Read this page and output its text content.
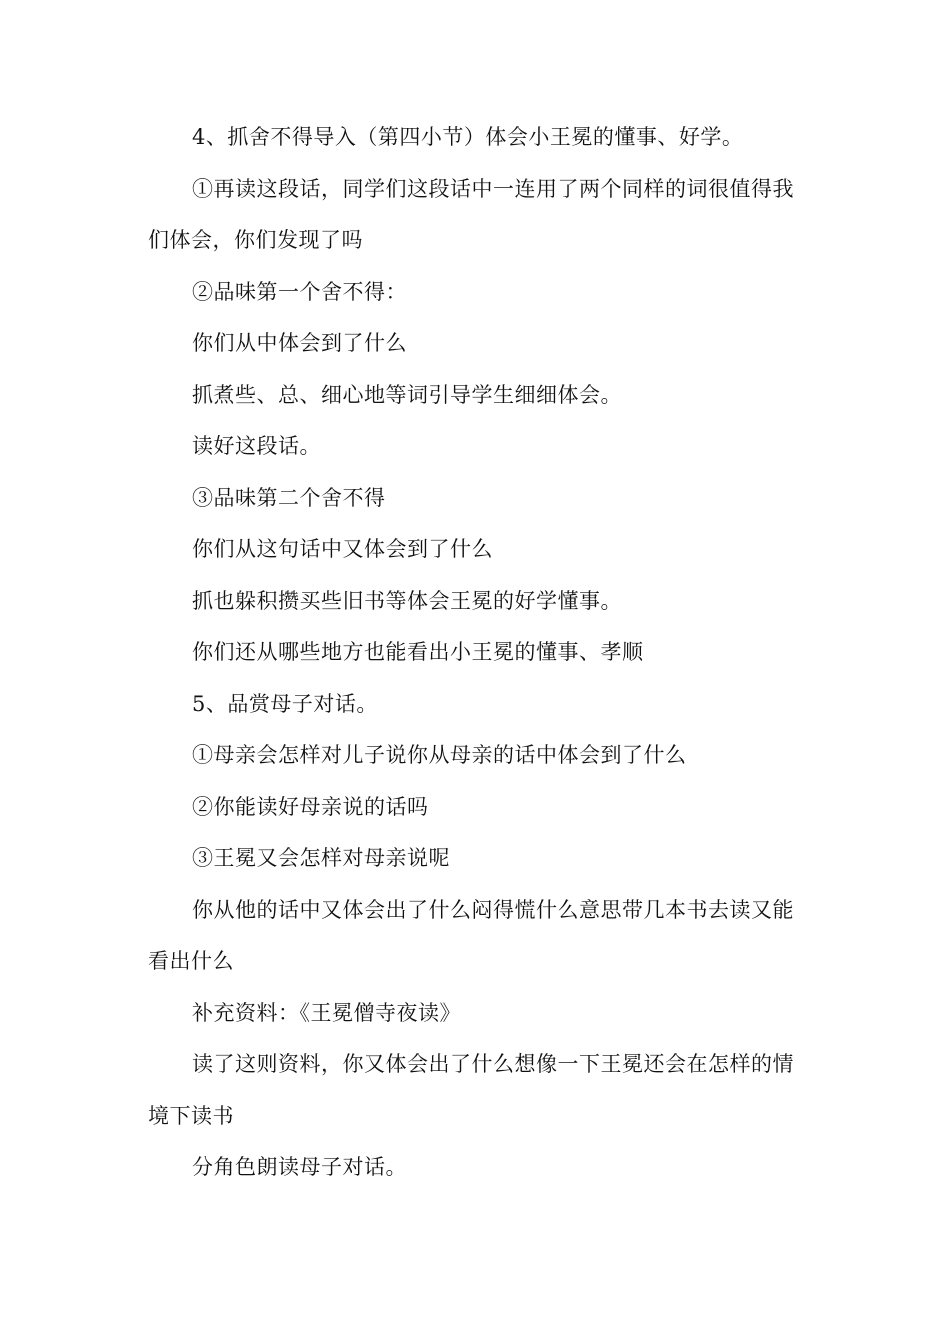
4、抓舍不得导入（第四小节）体会小王冕的懂事、好学。

①再读这段话，同学们这段话中一连用了两个同样的词很值得我们体会，你们发现了吗

②品味第一个舍不得：

你们从中体会到了什么

抓煮些、总、细心地等词引导学生细细体会。

读好这段话。

③品味第二个舍不得

你们从这句话中又体会到了什么

抓也躲积攒买些旧书等体会王冕的好学懂事。

你们还从哪些地方也能看出小王冕的懂事、孝顺

5、品赏母子对话。

①母亲会怎样对儿子说你从母亲的话中体会到了什么

②你能读好母亲说的话吗

③王冕又会怎样对母亲说呢

你从他的话中又体会出了什么闷得慌什么意思带几本书去读又能看出什么

补充资料：《王冕僧寺夜读》

读了这则资料，你又体会出了什么想像一下王冕还会在怎样的情境下读书

分角色朗读母子对话。
